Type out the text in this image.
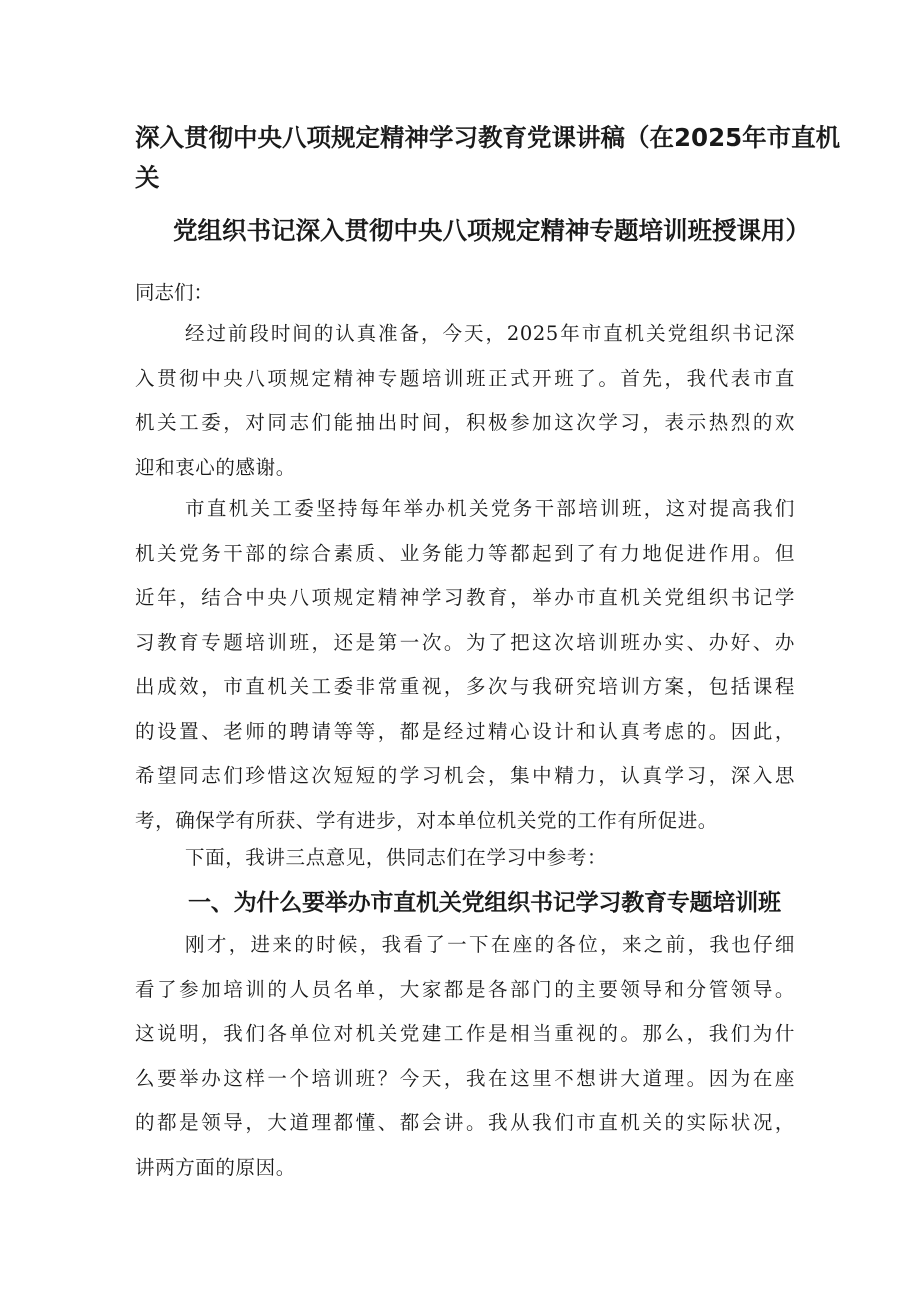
深入贯彻中央八项规定精神学习教育党课讲稿（在2025年市直机
关
党组织书记深入贯彻中央八项规定精神专题培训班授课用）

同志们：

经过前段时间的认真准备，今天，2025年市直机关党组织书记深
入贯彻中央八项规定精神专题培训班正式开班了。首先，我代表市直
机关工委，对同志们能抽出时间，积极参加这次学习，表示热烈的欢
迎和衷心的感谢。
市直机关工委坚持每年举办机关党务干部培训班，这对提高我们
机关党务干部的综合素质、业务能力等都起到了有力地促进作用。但
近年，结合中央八项规定精神学习教育，举办市直机关党组织书记学
习教育专题培训班，还是第一次。为了把这次培训班办实、办好、办
出成效，市直机关工委非常重视，多次与我研究培训方案，包括课程
的设置、老师的聘请等等，都是经过精心设计和认真考虑的。因此，
希望同志们珍惜这次短短的学习机会，集中精力，认真学习，深入思
考，确保学有所获、学有进步，对本单位机关党的工作有所促进。
下面，我讲三点意见，供同志们在学习中参考：
一、为什么要举办市直机关党组织书记学习教育专题培训班
刚才，进来的时候，我看了一下在座的各位，来之前，我也仔细
看了参加培训的人员名单，大家都是各部门的主要领导和分管领导。
这说明，我们各单位对机关党建工作是相当重视的。那么，我们为什
么要举办这样一个培训班？今天，我在这里不想讲大道理。因为在座
的都是领导，大道理都懂、都会讲。我从我们市直机关的实际状况，
讲两方面的原因。
